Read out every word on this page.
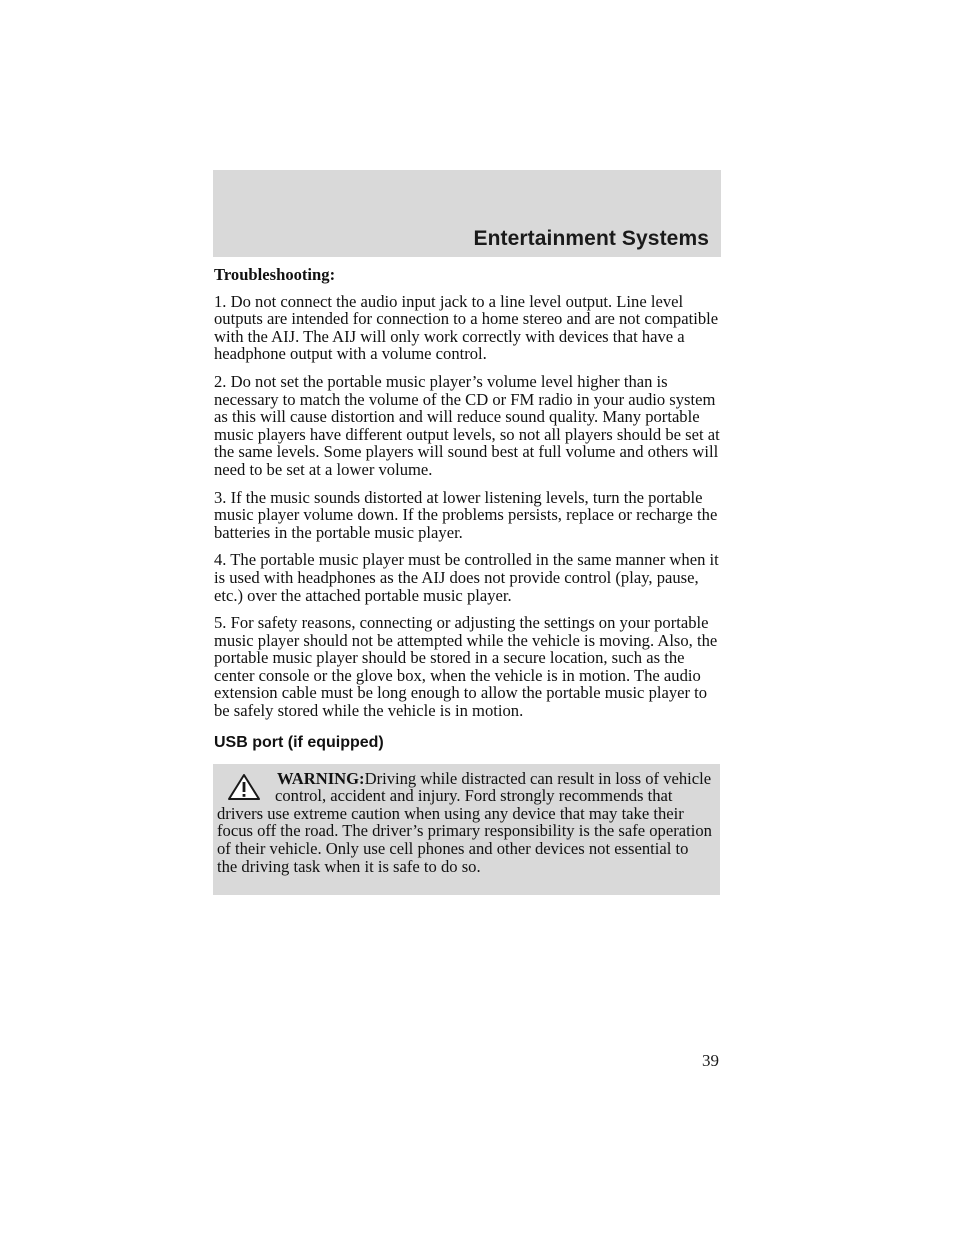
Entertainment Systems

Troubleshooting:

1. Do not connect the audio input jack to a line level output. Line level outputs are intended for connection to a home stereo and are not compatible with the AIJ. The AIJ will only work correctly with devices that have a headphone output with a volume control.

2. Do not set the portable music player’s volume level higher than is necessary to match the volume of the CD or FM radio in your audio system as this will cause distortion and will reduce sound quality. Many portable music players have different output levels, so not all players should be set at the same levels. Some players will sound best at full volume and others will need to be set at a lower volume.

3. If the music sounds distorted at lower listening levels, turn the portable music player volume down. If the problems persists, replace or recharge the batteries in the portable music player.

4. The portable music player must be controlled in the same manner when it is used with headphones as the AIJ does not provide control (play, pause, etc.) over the attached portable music player.

5. For safety reasons, connecting or adjusting the settings on your portable music player should not be attempted while the vehicle is moving. Also, the portable music player should be stored in a secure location, such as the center console or the glove box, when the vehicle is in motion. The audio extension cable must be long enough to allow the portable music player to be safely stored while the vehicle is in motion.

USB port (if equipped)

WARNING:Driving while distracted can result in loss of vehicle control, accident and injury. Ford strongly recommends that drivers use extreme caution when using any device that may take their focus off the road. The driver’s primary responsibility is the safe operation of their vehicle. Only use cell phones and other devices not essential to the driving task when it is safe to do so.

39
